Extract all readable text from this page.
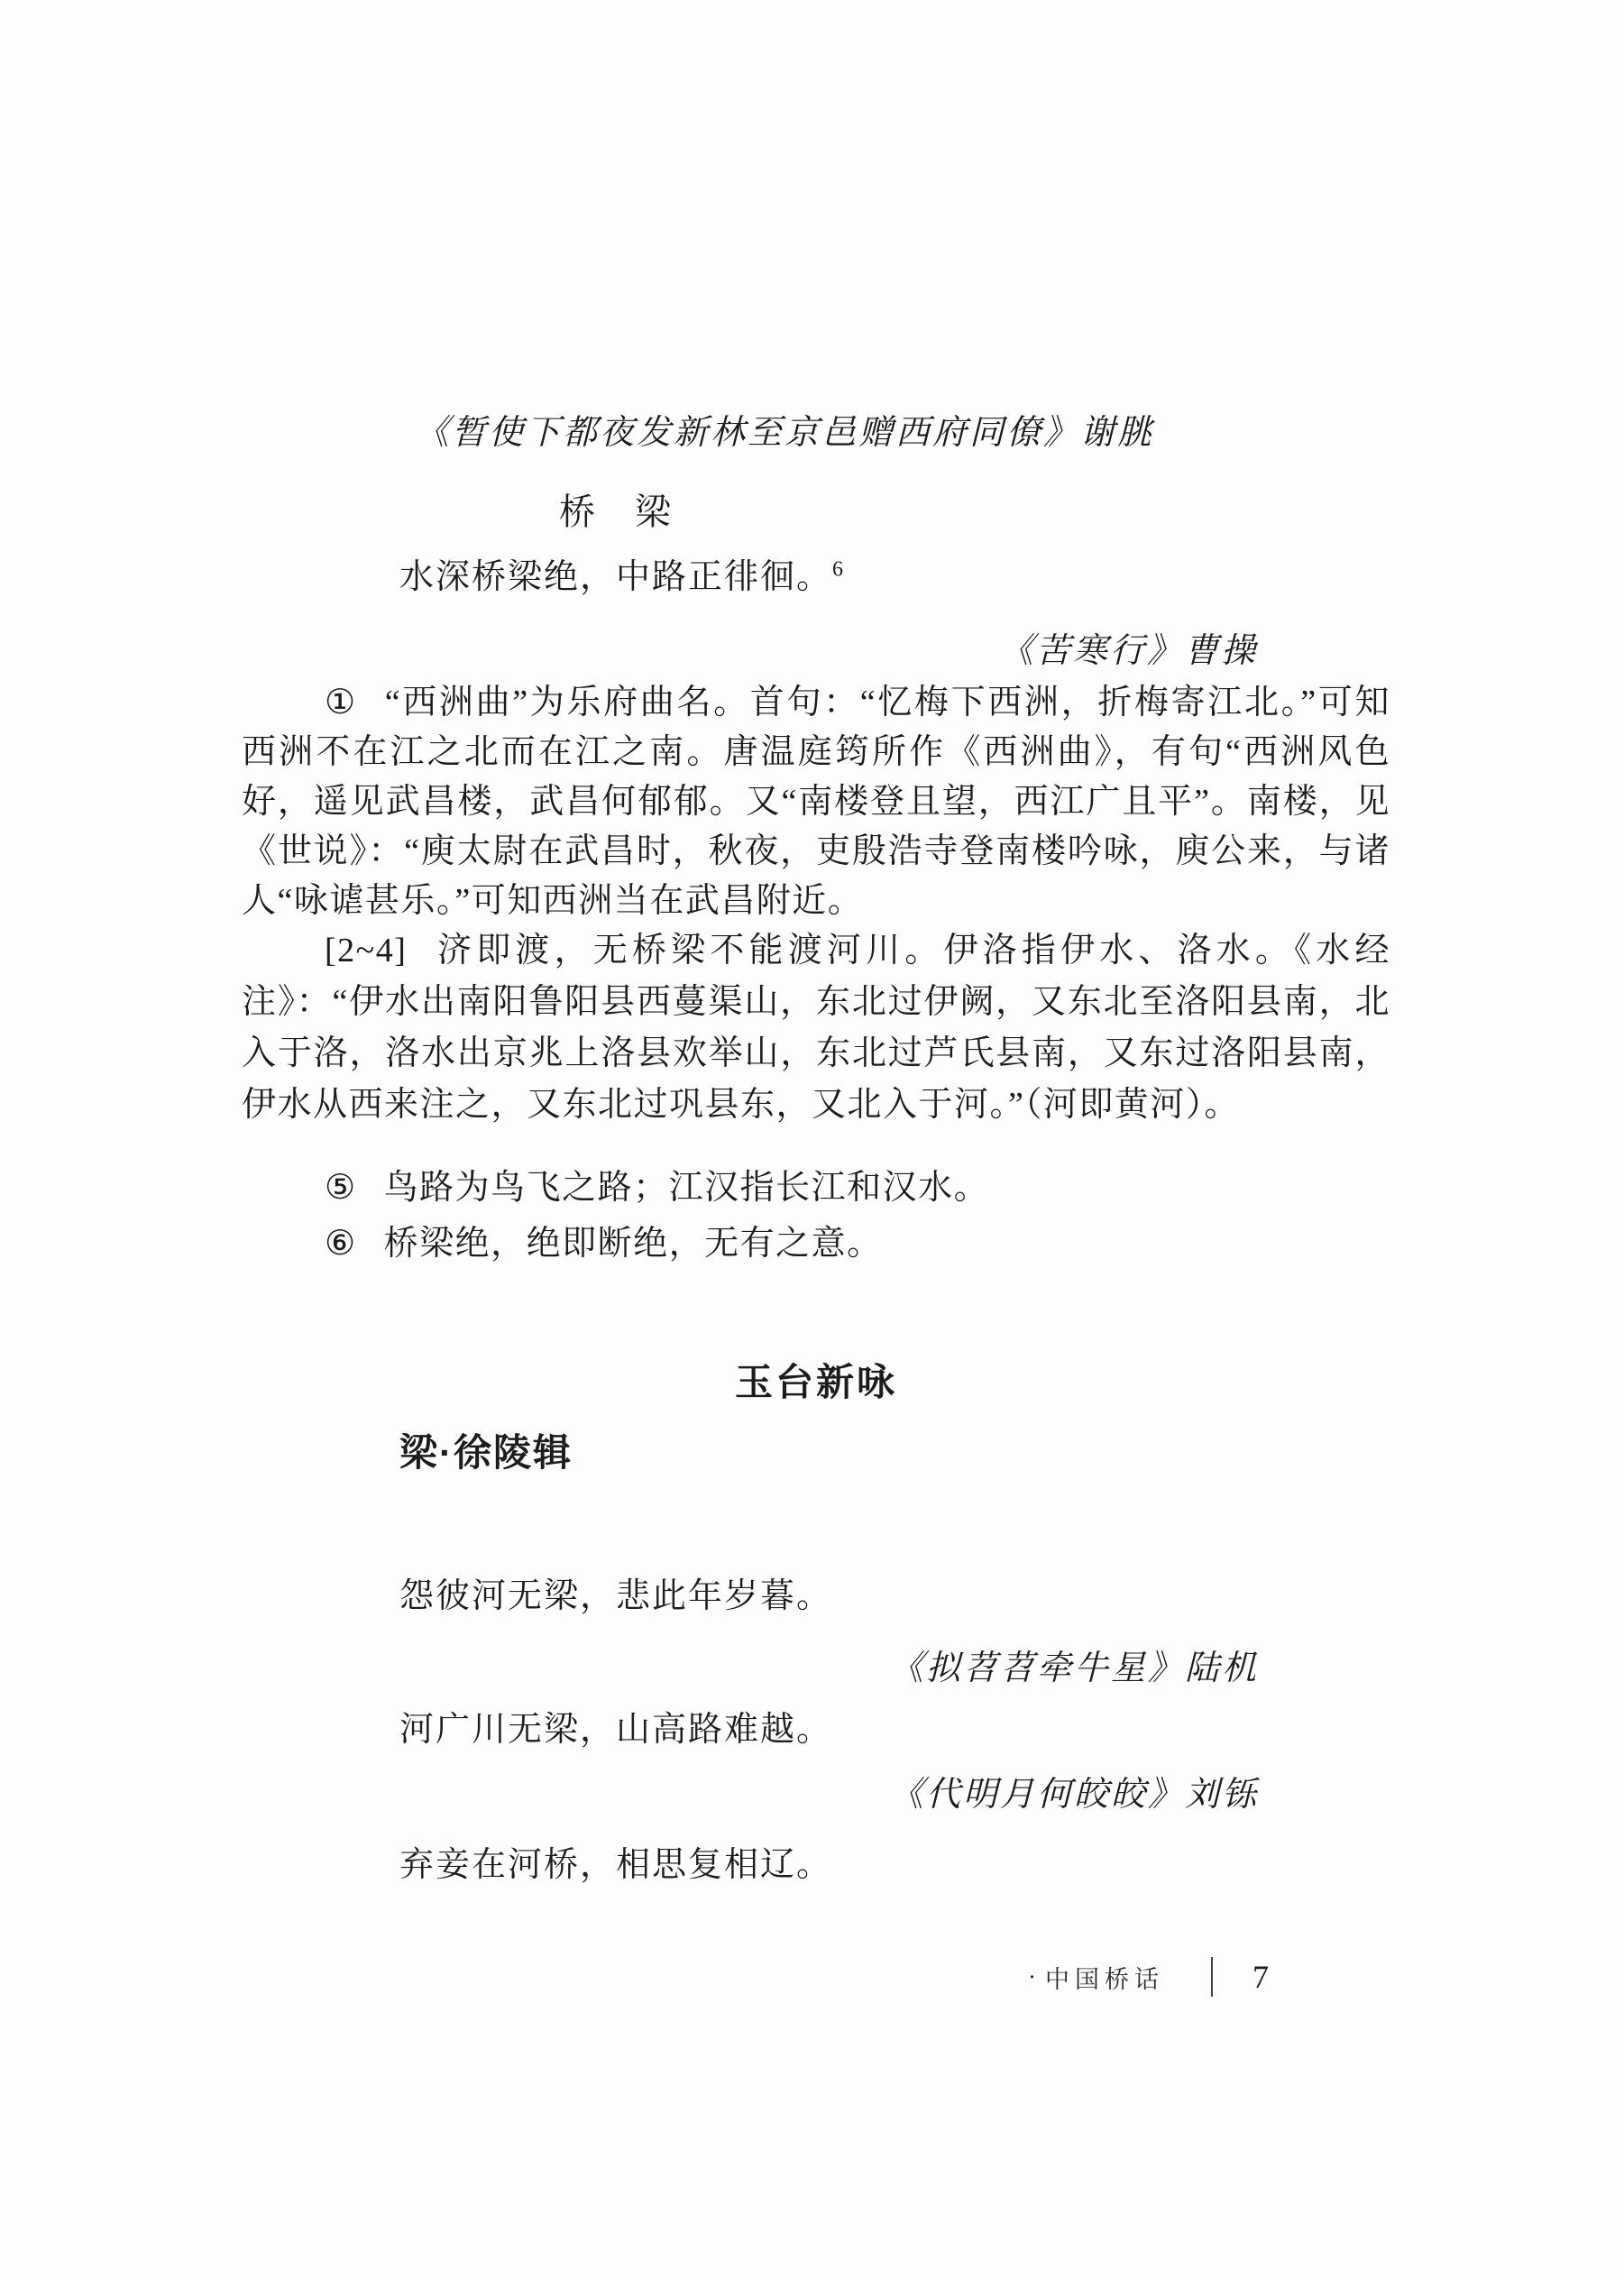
《暂使下都夜发新林至京邑赠西府同僚》谢朓
桥　梁
水深桥梁绝，中路正徘徊。$^6$
《苦寒行》曹操

① “西洲曲”为乐府曲名。首句：“忆梅下西洲，折梅寄江北。”可知西洲不在江之北而在江之南。唐温庭筠所作《西洲曲》，有句“西洲风色好，遥见武昌楼，武昌何郁郁。又“南楼登且望，西江广且平”。南楼，见《世说》：“庾太尉在武昌时，秋夜，吏殷浩寺登南楼吟咏，庾公来，与诸人“咏谑甚乐。”可知西洲当在武昌附近。

[2~4] 济即渡，无桥梁不能渡河川。伊洛指伊水、洛水。《水经注》：“伊水出南阳鲁阳县西蔓渠山，东北过伊阙，又东北至洛阳县南，北入于洛，洛水出京兆上洛县欢举山，东北过芦氏县南，又东过洛阳县南，伊水从西来注之，又东北过巩县东，又北入于河。”（河即黄河）。

⑤ 鸟路为鸟飞之路；江汉指长江和汉水。

⑥ 桥梁绝，绝即断绝，无有之意。

玉台新咏
梁·徐陵辑
怨彼河无梁，悲此年岁暮。
《拟苕苕牵牛星》陆机
河广川无梁，山高路难越。
《代明月何皎皎》刘铄
弃妾在河桥，相思复相辽。
· 中国桥话	7
